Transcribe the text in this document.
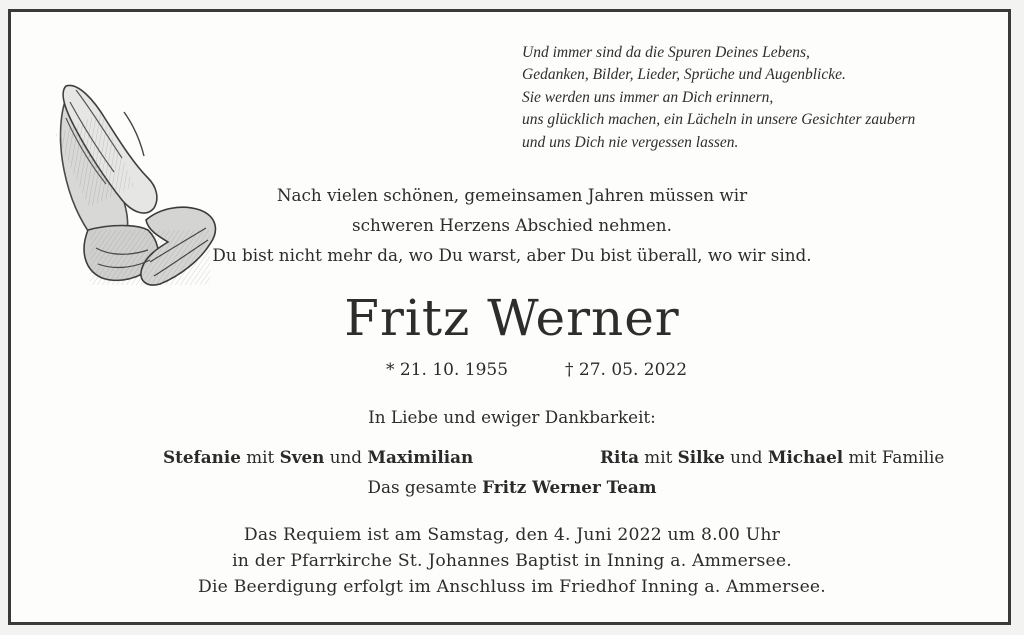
Und immer sind da die Spuren Deines Lebens,
Gedanken, Bilder, Lieder, Sprüche und Augenblicke.
Sie werden uns immer an Dich erinnern,
uns glücklich machen, ein Lächeln in unsere Gesichter zaubern
und uns Dich nie vergessen lassen.
Nach vielen schönen, gemeinsamen Jahren müssen wir
schweren Herzens Abschied nehmen.
Du bist nicht mehr da, wo Du warst, aber Du bist überall, wo wir sind.
Fritz Werner
* 21. 10. 1955	† 27. 05. 2022
In Liebe und ewiger Dankbarkeit:
Stefanie mit Sven und Maximilian	Rita mit Silke und Michael mit Familie
Das gesamte Fritz Werner Team
Das Requiem ist am Samstag, den 4. Juni 2022 um 8.00 Uhr
in der Pfarrkirche St. Johannes Baptist in Inning a. Ammersee.
Die Beerdigung erfolgt im Anschluss im Friedhof Inning a. Ammersee.
